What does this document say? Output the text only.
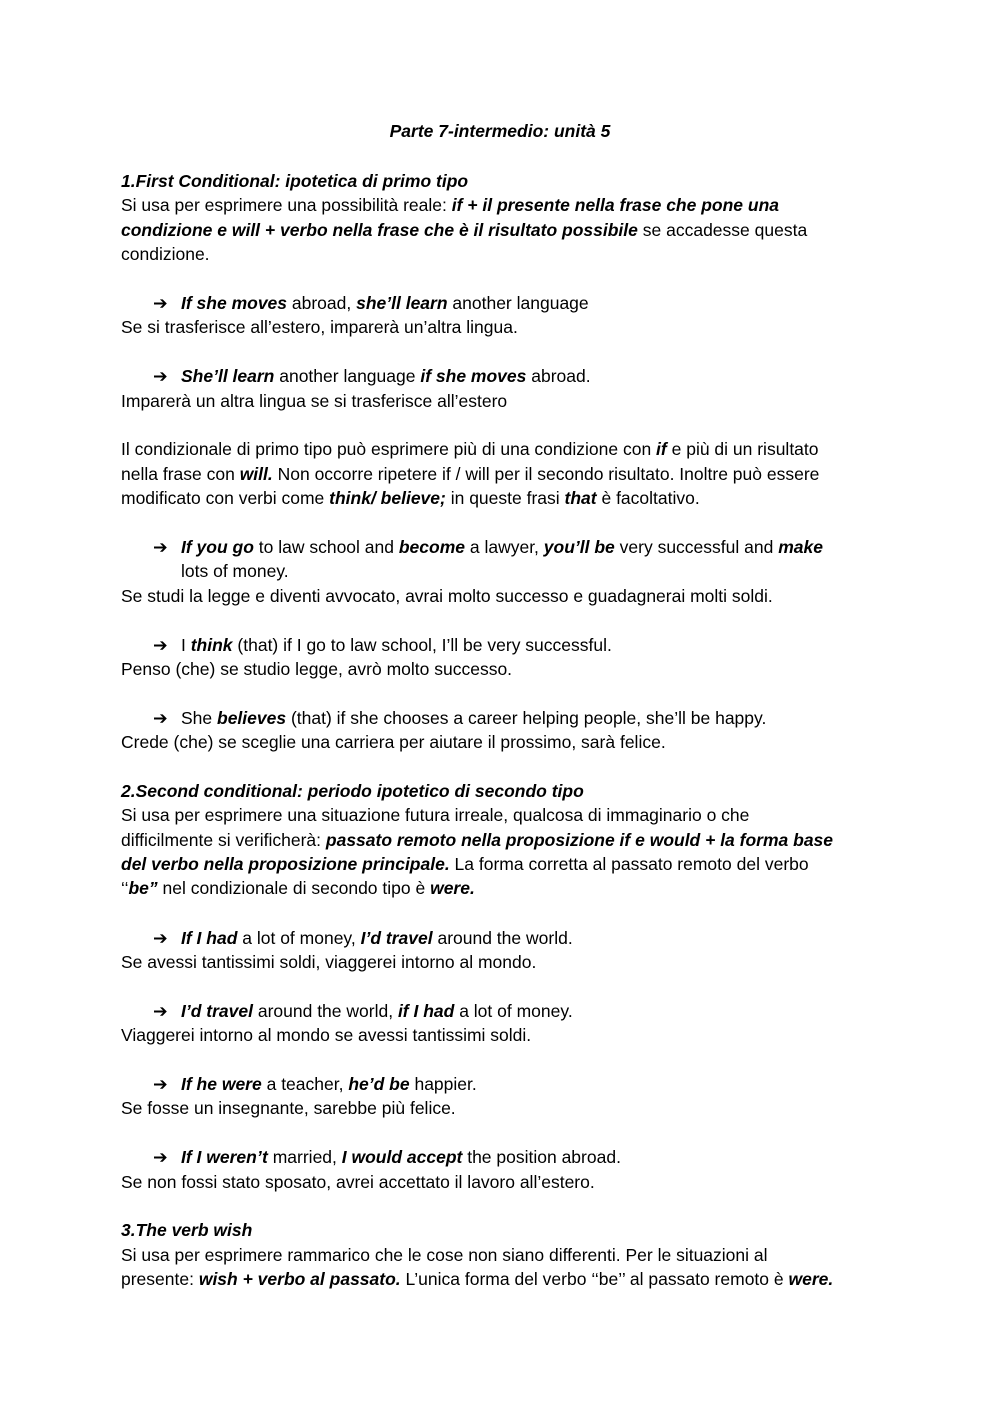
Parte 7-intermedio: unità 5

1.First Conditional: ipotetica di primo tipo

Si usa per esprimere una possibilità reale: if + il presente nella frase che pone una

condizione e will + verbo nella frase che è il risultato possibile se accadesse questa

condizione.

➔ If she moves abroad, she’ll learn another language

Se si trasferisce all’estero, imparerà un’altra lingua.

➔ She’ll learn another language if she moves abroad.

Imparerà un altra lingua se si trasferisce all’estero

Il condizionale di primo tipo può esprimere più di una condizione con if e più di un risultato

nella frase con will. Non occorre ripetere if / will per il secondo risultato. Inoltre può essere

modificato con verbi come think/ believe; in queste frasi that è facoltativo.

➔ If you go to law school and become a lawyer, you’ll be very successful and make

lots of money.

Se studi la legge e diventi avvocato, avrai molto successo e guadagnerai molti soldi.

➔ I think (that) if I go to law school, I’ll be very successful.

Penso (che) se studio legge, avrò molto successo.

➔ She believes (that) if she chooses a career helping people, she’ll be happy.

Crede (che) se sceglie una carriera per aiutare il prossimo, sarà felice.

2.Second conditional: periodo ipotetico di secondo tipo

Si usa per esprimere una situazione futura irreale, qualcosa di immaginario o che

difficilmente si verificherà: passato remoto nella proposizione if e would + la forma base

del verbo nella proposizione principale. La forma corretta al passato remoto del verbo

‘‘be” nel condizionale di secondo tipo è were.

➔ If I had a lot of money, I’d travel around the world.

Se avessi tantissimi soldi, viaggerei intorno al mondo.

➔ I’d travel around the world, if I had a lot of money.

Viaggerei intorno al mondo se avessi tantissimi soldi.

➔ If he were a teacher, he’d be happier.

Se fosse un insegnante, sarebbe più felice.

➔ If I weren’t married, I would accept the position abroad.

Se non fossi stato sposato, avrei accettato il lavoro all’estero.

3.The verb wish

Si usa per esprimere rammarico che le cose non siano differenti. Per le situazioni al

presente: wish + verbo al passato. L’unica forma del verbo ‘‘be’’ al passato remoto è were.
